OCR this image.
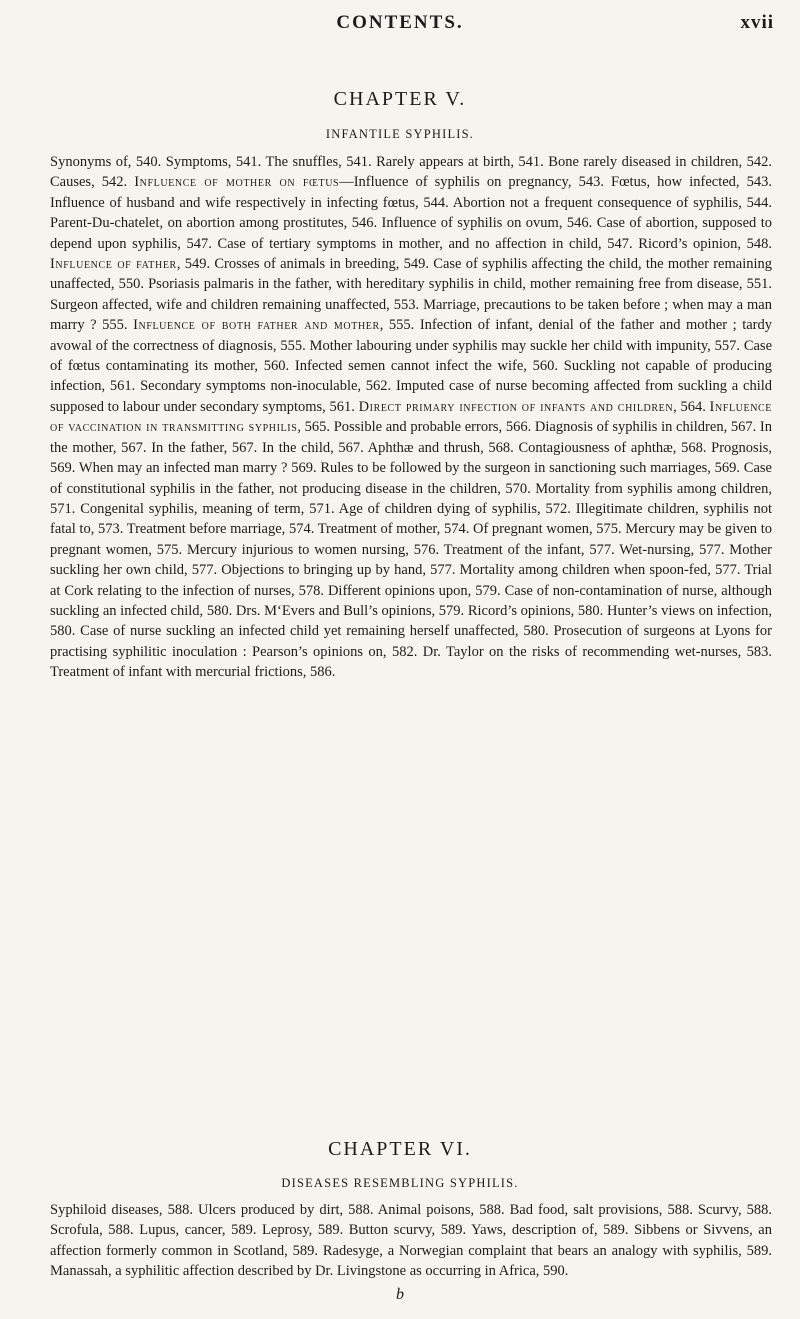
CONTENTS.	xvii
CHAPTER V.
INFANTILE SYPHILIS.
Synonyms of, 540. Symptoms, 541. The snuffles, 541. Rarely appears at birth, 541. Bone rarely diseased in children, 542. Causes, 542. Influence of mother on fœtus—Influence of syphilis on pregnancy, 543. Fœtus, how infected, 543. Influence of husband and wife respectively in infecting fœtus, 544. Abortion not a frequent consequence of syphilis, 544. Parent-Du-chatelet, on abortion among prostitutes, 546. Influence of syphilis on ovum, 546. Case of abortion, supposed to depend upon syphilis, 547. Case of tertiary symptoms in mother, and no affection in child, 547. Ricord’s opinion, 548. Influence of father, 549. Crosses of animals in breeding, 549. Case of syphilis affecting the child, the mother remaining unaffected, 550. Psoriasis palmaris in the father, with hereditary syphilis in child, mother remaining free from disease, 551. Surgeon affected, wife and children remaining unaffected, 553. Marriage, precautions to be taken before ; when may a man marry ? 555. Influence of both father and mother, 555. Infection of infant, denial of the father and mother ; tardy avowal of the correctness of diagnosis, 555. Mother labouring under syphilis may suckle her child with impunity, 557. Case of fœtus contaminating its mother, 560. Infected semen cannot infect the wife, 560. Suckling not capable of producing infection, 561. Secondary symptoms non-inoculable, 562. Imputed case of nurse becoming affected from suckling a child supposed to labour under secondary symptoms, 561. Direct primary infection of infants and children, 564. Influence of vaccination in transmitting syphilis, 565. Possible and probable errors, 566. Diagnosis of syphilis in children, 567. In the mother, 567. In the father, 567. In the child, 567. Aphthæ and thrush, 568. Contagiousness of aphthæ, 568. Prognosis, 569. When may an infected man marry ? 569. Rules to be followed by the surgeon in sanctioning such marriages, 569. Case of constitutional syphilis in the father, not producing disease in the children, 570. Mortality from syphilis among children, 571. Congenital syphilis, meaning of term, 571. Age of children dying of syphilis, 572. Illegitimate children, syphilis not fatal to, 573. Treatment before marriage, 574. Treatment of mother, 574. Of pregnant women, 575. Mercury may be given to pregnant women, 575. Mercury injurious to women nursing, 576. Treatment of the infant, 577. Wet-nursing, 577. Mother suckling her own child, 577. Objections to bringing up by hand, 577. Mortality among children when spoon-fed, 577. Trial at Cork relating to the infection of nurses, 578. Different opinions upon, 579. Case of non-contamination of nurse, although suckling an infected child, 580. Drs. M‘Evers and Bull’s opinions, 579. Ricord’s opinions, 580. Hunter’s views on infection, 580. Case of nurse suckling an infected child yet remaining herself unaffected, 580. Prosecution of surgeons at Lyons for practising syphilitic inoculation : Pearson’s opinions on, 582. Dr. Taylor on the risks of recommending wet-nurses, 583. Treatment of infant with mercurial frictions, 586.
CHAPTER VI.
DISEASES RESEMBLING SYPHILIS.
Syphiloid diseases, 588. Ulcers produced by dirt, 588. Animal poisons, 588. Bad food, salt provisions, 588. Scurvy, 588. Scrofula, 588. Lupus, cancer, 589. Leprosy, 589. Button scurvy, 589. Yaws, description of, 589. Sibbens or Sivvens, an affection formerly common in Scotland, 589. Radesyge, a Norwegian complaint that bears an analogy with syphilis, 589. Manassah, a syphilitic affection described by Dr. Livingstone as occurring in Africa, 590.
b
